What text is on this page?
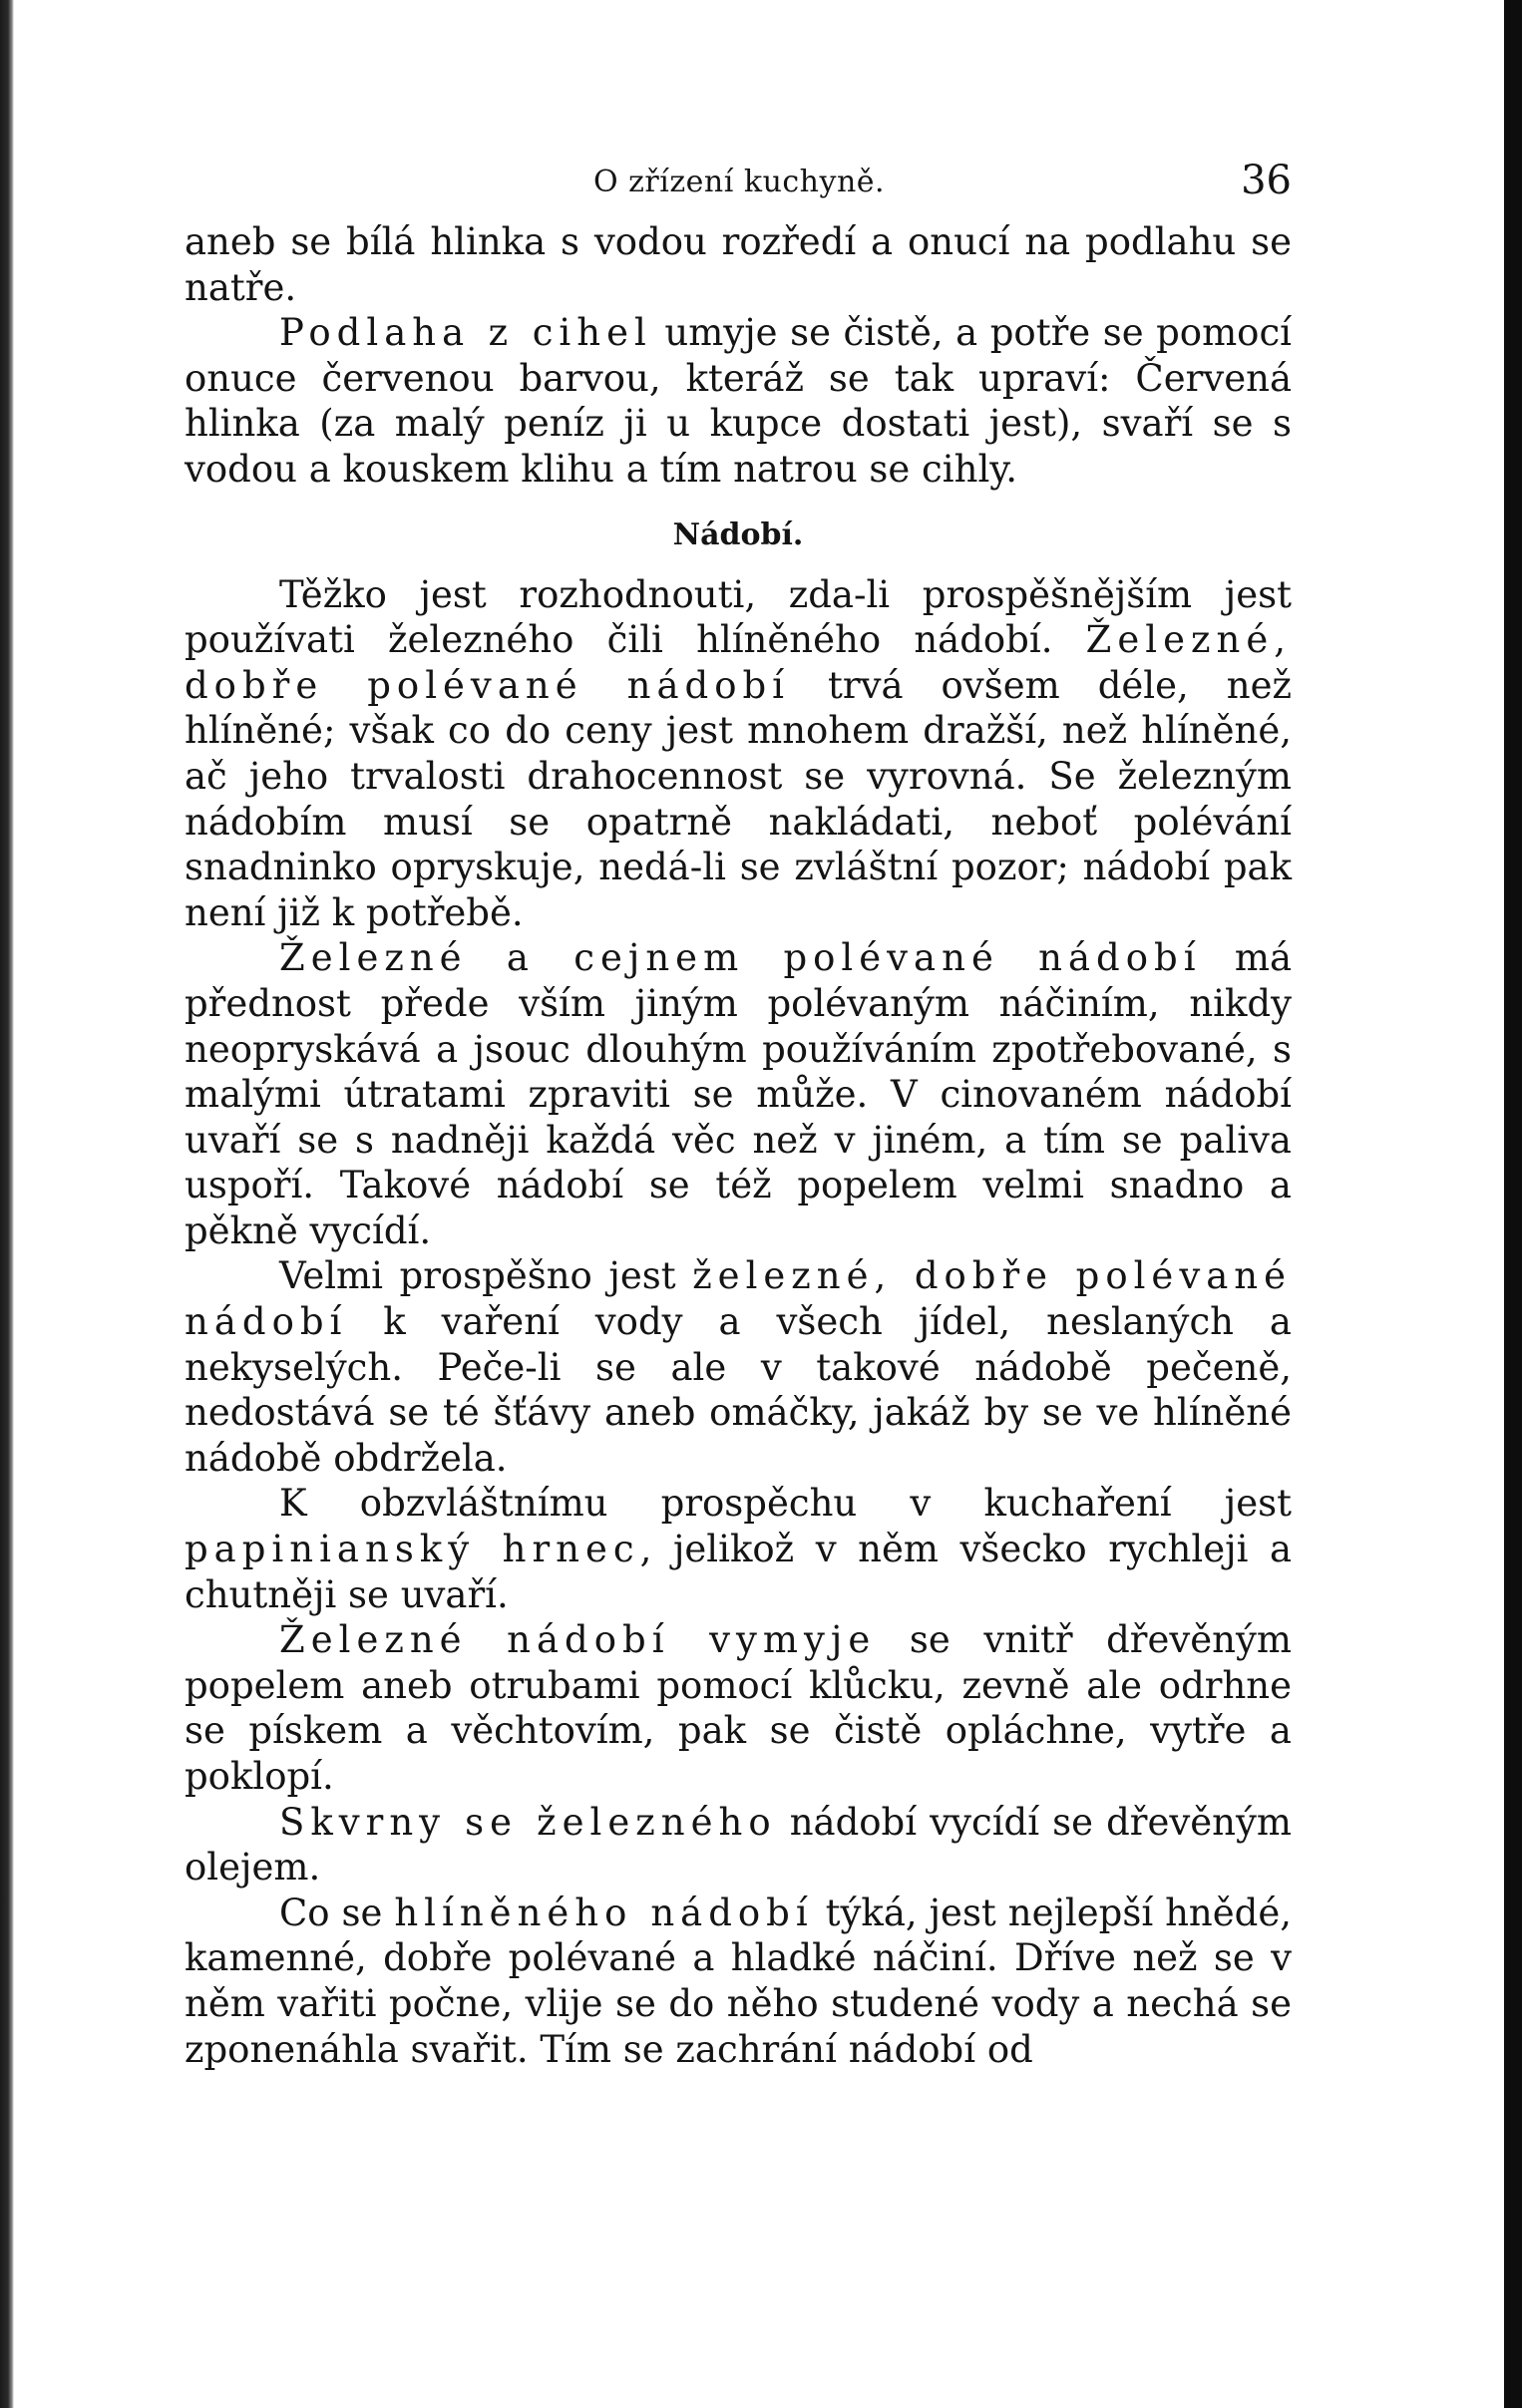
O zřízení kuchyně.	36

aneb se bílá hlinka s vodou rozředí a onucí na podlahu se natře.

Podlaha z cihel umyje se čistě, a potře se pomocí onuce červenou barvou, kteráž se tak upraví: Červená hlinka (za malý peníz ji u kupce dostati jest), svaří se s vodou a kouskem klihu a tím natrou se cihly.

Nádobí.

Těžko jest rozhodnouti, zda-li prospěšnějším jest používati železného čili hlíněného nádobí. Železné, dobře polévané nádobí trvá ovšem déle, než hlíněné; však co do ceny jest mnohem dražší, než hlíněné, ač jeho trvalosti drahocennost se vyrovná. Se železným nádobím musí se opatrně nakládati, neboť polévání snadninko opryskuje, nedá-li se zvláštní pozor; nádobí pak není již k potřebě.

Železné a cejnem polévané nádobí má přednost přede vším jiným polévaným náčiním, nikdy neopryskává a jsouc dlouhým používáním zpotřebované, s malými útratami zpraviti se může. V cinovaném nádobí uvaří se s nadněji každá věc než v jiném, a tím se paliva uspoří. Takové nádobí se též popelem velmi snadno a pěkně vycídí.

Velmi prospěšno jest železné, dobře polévané nádobí k vaření vody a všech jídel, neslaných a nekyselých. Peče-li se ale v takové nádobě pečeně, nedostává se té šťávy aneb omáčky, jakáž by se ve hlíněné nádobě obdržela.

K obzvláštnímu prospěchu v kuchaření jest papinianský hrnec, jelikož v něm všecko rychleji a chutněji se uvaří.

Železné nádobí vymyje se vnitř dřevěným popelem aneb otrubami pomocí klůcku, zevně ale odrhne se pískem a věchtovím, pak se čistě opláchne, vytře a poklopí.

Skvrny se železného nádobí vycídí se dřevěným olejem.

Co se hlíněného nádobí týká, jest nejlepší hnědé, kamenné, dobře polévané a hladké náčiní. Dříve než se v něm vařiti počne, vlije se do něho studené vody a nechá se zponenáhla svařit. Tím se zachrání nádobí od
